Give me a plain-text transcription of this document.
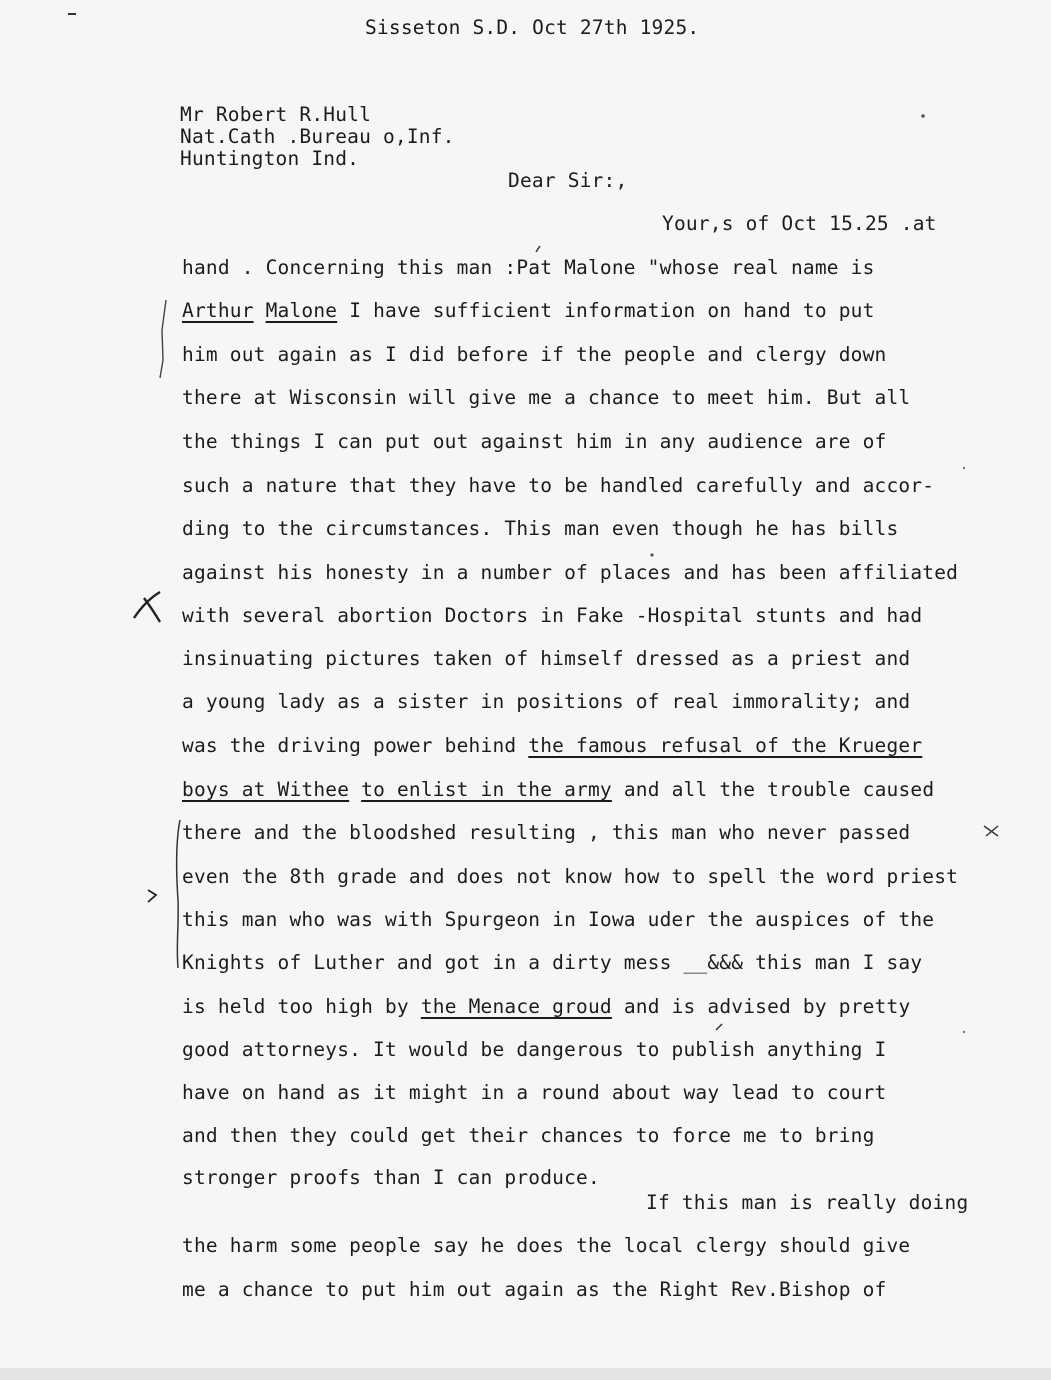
Sisseton S.D. Oct 27th 1925.
Mr Robert R.Hull
Nat.Cath .Bureau o,Inf.
Huntington Ind.
Dear Sir:,
Your,s of Oct 15.25 .at
hand . Concerning this man :Pat Malone "whose real name is
Arthur Malone I have sufficient information on hand to put
him out again as I did before if the people and clergy down
there at Wisconsin will give me a chance to meet him. But all
the things I can put out against him in any audience are of
such a nature that they have to be handled carefully and accor-
ding to the circumstances. This man even though he has bills
against his honesty in a number of places and has been affiliated
with several abortion Doctors in Fake -Hospital stunts and had
insinuating pictures taken of himself dressed as a priest and
a young lady as a sister in positions of real immorality; and
was the driving power behind the famous refusal of the Krueger
boys at Withee to enlist in the army and all the trouble caused
there and the bloodshed resulting , this man who never passed
even the 8th grade and does not know how to spell the word priest
this man who was with Spurgeon in Iowa uder the auspices of the
Knights of Luther and got in a dirty mess __&&& this man I say
is held too high by the Menace groud and is advised by pretty
good attorneys. It would be dangerous to publish anything I
have on hand as it might in a round about way lead to court
and then they could get their chances to force me to bring
stronger proofs than I can produce.
If this man is really doing
the harm some people say he does the local clergy should give
me a chance to put him out again as the Right Rev.Bishop of
